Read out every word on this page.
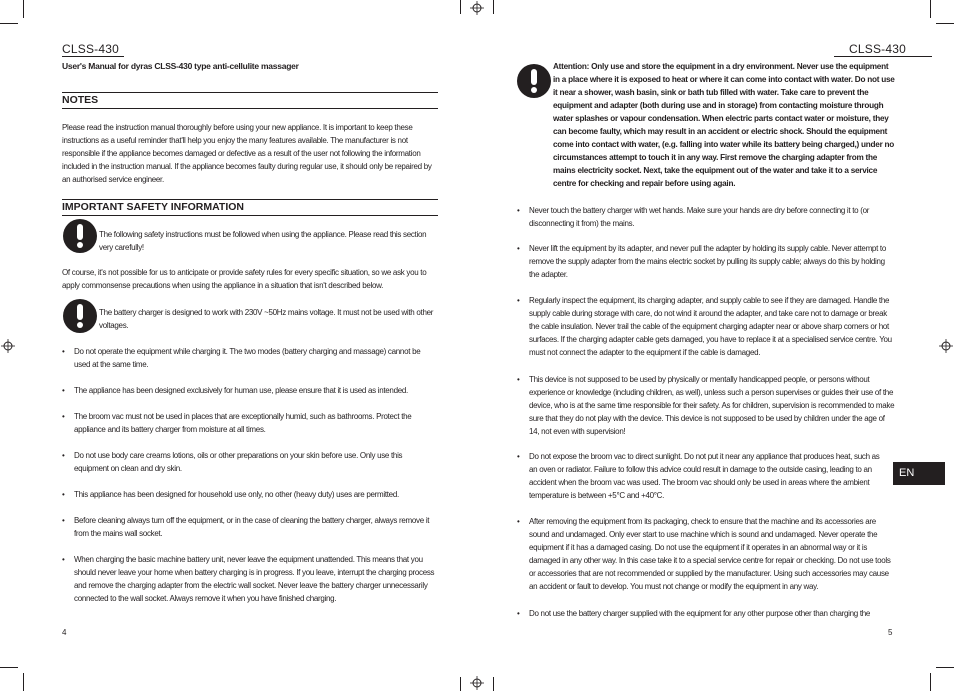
CLSS-430
User's Manual for dyras CLSS-430 type anti-cellulite massager
NOTES
Please read the instruction manual thoroughly before using your new appliance. It is important to keep these instructions as a useful reminder that'll help you enjoy the many features available. The manufacturer is not responsible if the appliance becomes damaged or defective as a result of the user not following the information included in the instruction manual. If the appliance becomes faulty during regular use, it should only be repaired by an authorised service engineer.
IMPORTANT SAFETY INFORMATION
The following safety instructions must be followed when using the appliance. Please read this section very carefully!
Of course, it's not possible for us to anticipate or provide safety rules for every specific situation, so we ask you to apply commonsense precautions when using the appliance in a situation that isn't described below.
The battery charger is designed to work with 230V ~50Hz mains voltage. It must not be used with other voltages.
• Do not operate the equipment while charging it. The two modes (battery charging and massage) cannot be used at the same time.
• The appliance has been designed exclusively for human use, please ensure that it is used as intended.
• The broom vac must not be used in places that are exceptionally humid, such as bathrooms. Protect the appliance and its battery charger from moisture at all times.
• Do not use body care creams lotions, oils or other preparations on your skin before use. Only use this equipment on clean and dry skin.
• This appliance has been designed for household use only, no other (heavy duty) uses are permitted.
• Before cleaning always turn off the equipment, or in the case of cleaning the battery charger, always remove it from the mains wall socket.
• When charging the basic machine battery unit, never leave the equipment unattended. This means that you should never leave your home when battery charging is in progress. If you leave, interrupt the charging process and remove the charging adapter from the electric wall socket. Never leave the battery charger unnecessarily connected to the wall socket. Always remove it when you have finished charging.
4
CLSS-430
Attention: Only use and store the equipment in a dry environment. Never use the equipment in a place where it is exposed to heat or where it can come into contact with water. Do not use it near a shower, wash basin, sink or bath tub filled with water. Take care to prevent the equipment and adapter (both during use and in storage) from contacting moisture through water splashes or vapour condensation. When electric parts contact water or moisture, they can become faulty, which may result in an accident or electric shock. Should the equipment come into contact with water, (e.g. falling into water while its battery being charged,) under no circumstances attempt to touch it in any way. First remove the charging adapter from the mains electricity socket. Next, take the equipment out of the water and take it to a service centre for checking and repair before using again.
• Never touch the battery charger with wet hands. Make sure your hands are dry before connecting it to (or disconnecting it from) the mains.
• Never lift the equipment by its adapter, and never pull the adapter by holding its supply cable. Never attempt to remove the supply adapter from the mains electric socket by pulling its supply cable; always do this by holding the adapter.
• Regularly inspect the equipment, its charging adapter, and supply cable to see if they are damaged. Handle the supply cable during storage with care, do not wind it around the adapter, and take care not to damage or break the cable insulation. Never trail the cable of the equipment charging adapter near or above sharp corners or hot surfaces. If the charging adapter cable gets damaged, you have to replace it at a specialised service centre. You must not connect the adapter to the equipment if the cable is damaged.
• This device is not supposed to be used by physically or mentally handicapped people, or persons without experience or knowledge (including children, as well), unless such a person supervises or guides their use of the device, who is at the same time responsible for their safety. As for children, supervision is recommended to make sure that they do not play with the device. This device is not supposed to be used by children under the age of 14, not even with supervision!
• Do not expose the broom vac to direct sunlight. Do not put it near any appliance that produces heat, such as an oven or radiator. Failure to follow this advice could result in damage to the outside casing, leading to an accident when the broom vac was used. The broom vac should only be used in areas where the ambient temperature is between +5°C and +40°C.
• After removing the equipment from its packaging, check to ensure that the machine and its accessories are sound and undamaged. Only ever start to use machine which is sound and undamaged. Never operate the equipment if it has a damaged casing. Do not use the equipment if it operates in an abnormal way or it is damaged in any other way. In this case take it to a special service centre for repair or checking. Do not use tools or accessories that are not recommended or supplied by the manufacturer. Using such accessories may cause an accident or fault to develop. You must not change or modify the equipment in any way.
• Do not use the battery charger supplied with the equipment for any other purpose other than charging the
5
EN
